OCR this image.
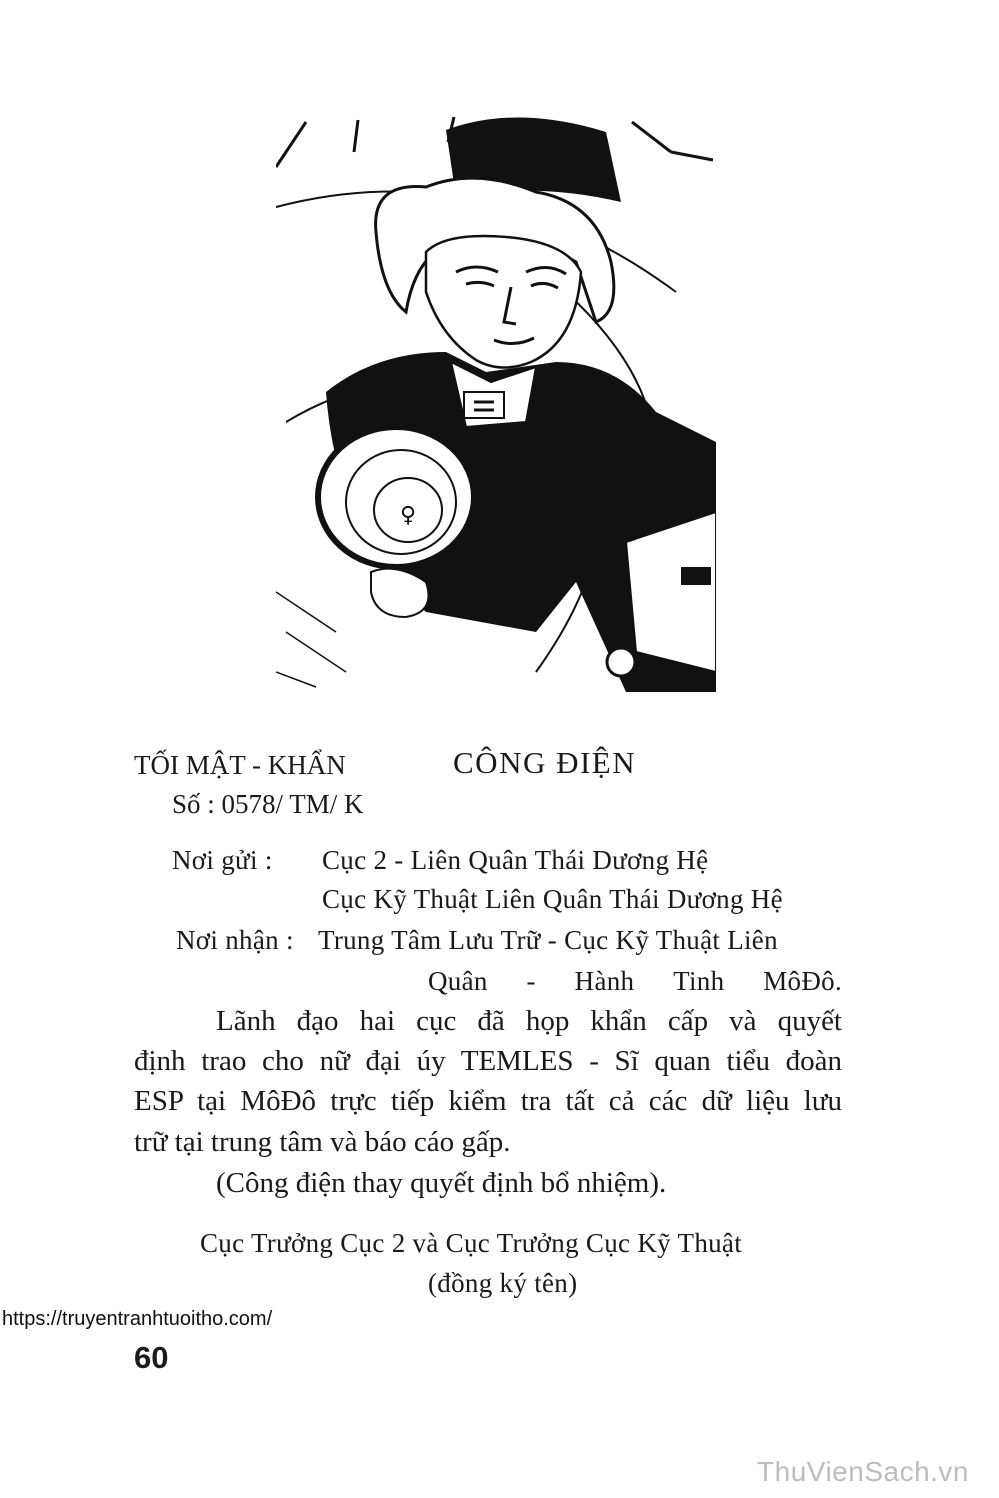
♀
TỐI MẬT - KHẨN	CÔNG ĐIỆN
Số : 0578/ TM/ K
Nơi gửi : Cục 2 - Liên Quân Thái Dương Hệ
Cục Kỹ Thuật Liên Quân Thái Dương Hệ
Nơi nhận : Trung Tâm Lưu Trữ - Cục Kỹ Thuật Liên
Quân - Hành Tinh MôĐô.
Lãnh đạo hai cục đã họp khẩn cấp và quyết
định trao cho nữ đại úy TEMLES - Sĩ quan tiểu đoàn
ESP tại MôĐô trực tiếp kiểm tra tất cả các dữ liệu lưu
trữ tại trung tâm và báo cáo gấp.
(Công điện thay quyết định bổ nhiệm).
Cục Trưởng Cục 2 và Cục Trưởng Cục Kỹ Thuật
(đồng ký tên)
https://truyentranhtuoitho.com/
60
ThuVienSach.vn
